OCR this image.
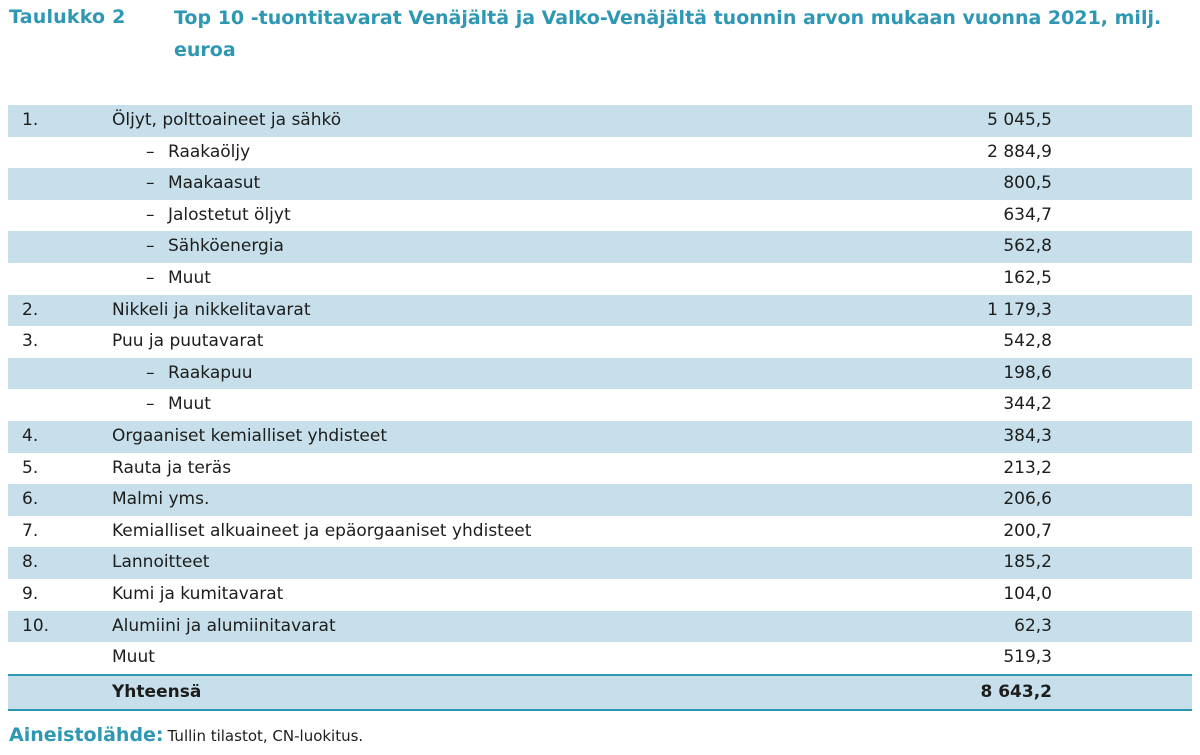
Taulukko 2	Top 10 -tuontitavarat Venäjältä ja Valko-Venäjältä tuonnin arvon mukaan vuonna 2021, milj. euroa
1.	Öljyt, polttoaineet ja sähkö	5 045,5
– Raakaöljy	2 884,9
– Maakaasut	800,5
– Jalostetut öljyt	634,7
– Sähköenergia	562,8
– Muut	162,5
2.	Nikkeli ja nikkelitavarat	1 179,3
3.	Puu ja puutavarat	542,8
– Raakapuu	198,6
– Muut	344,2
4.	Orgaaniset kemialliset yhdisteet	384,3
5.	Rauta ja teräs	213,2
6.	Malmi yms.	206,6
7.	Kemialliset alkuaineet ja epäorgaaniset yhdisteet	200,7
8.	Lannoitteet	185,2
9.	Kumi ja kumitavarat	104,0
10.	Alumiini ja alumiinitavarat	62,3
Muut	519,3
Yhteensä	8 643,2
Aineistolähde: Tullin tilastot, CN-luokitus.
